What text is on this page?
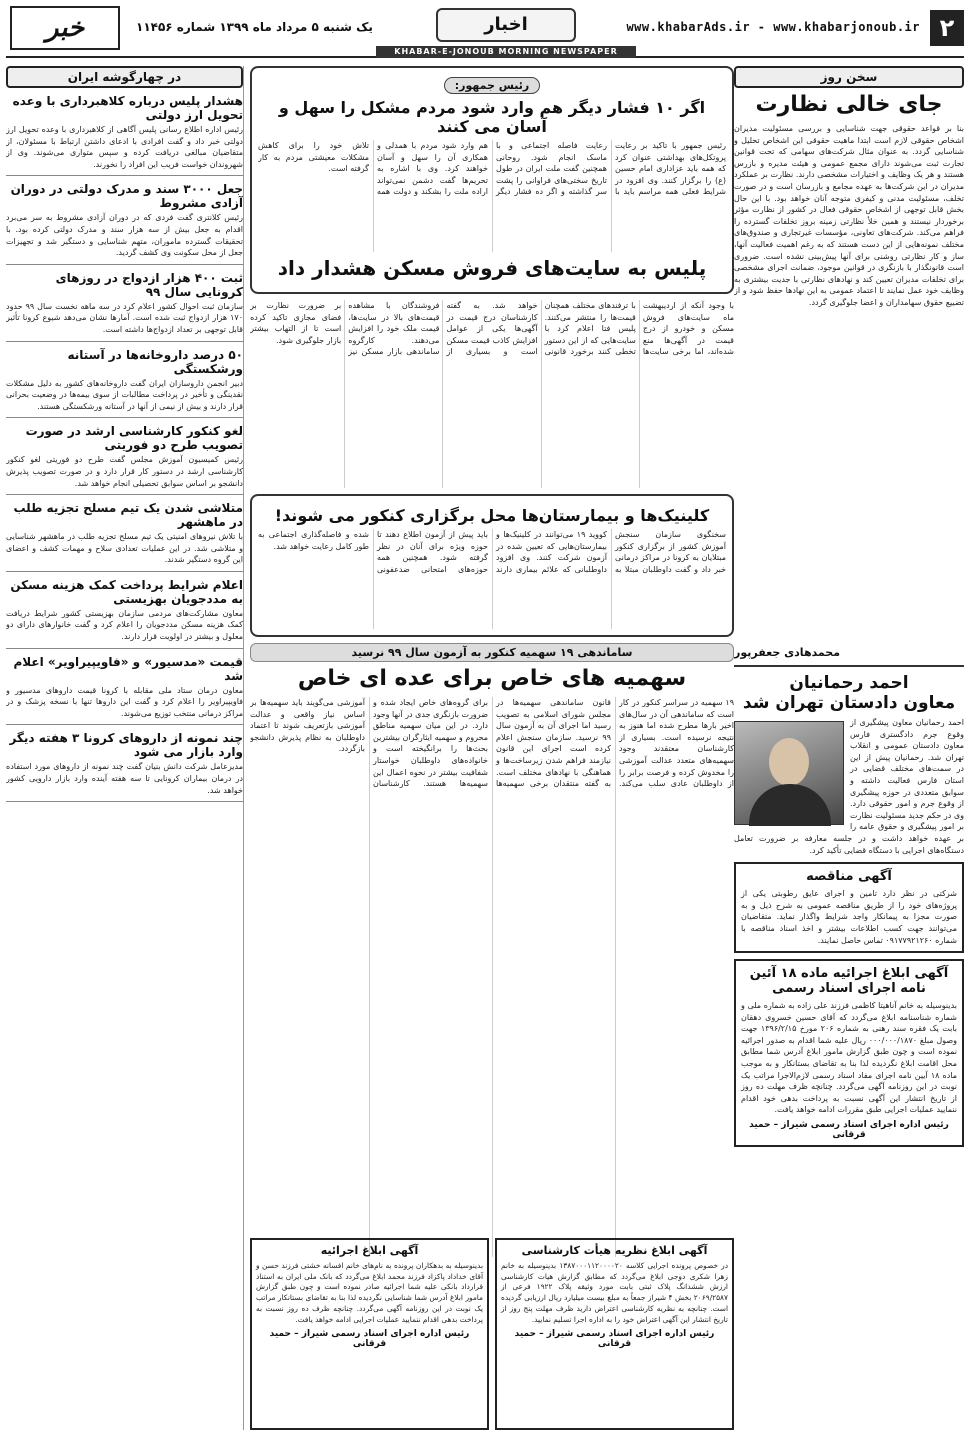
۲
www.khabarAds.ir - www.khabarjonoub.ir
اخبار
یک شنبه ۵ مرداد ماه ۱۳۹۹ شماره ۱۱۴۵۶
خبر
KHABAR-E-JONOUB MORNING NEWSPAPER
سخن روز
جای خالی نظارت
بنا بر قواعد حقوقی جهت شناسایی و بررسی مسئولیت مدیران اشخاص حقوقی لازم است ابتدا ماهیت حقوقی این اشخاص تحلیل و شناسایی گردد. به عنوان مثال شرکت‌های سهامی که تحت قوانین تجارت ثبت می‌شوند دارای مجمع عمومی و هیئت مدیره و بازرس هستند و هر یک وظایف و اختیارات مشخصی دارند. نظارت بر عملکرد مدیران در این شرکت‌ها به عهده مجامع و بازرسان است و در صورت تخلف، مسئولیت مدنی و کیفری متوجه آنان خواهد بود. با این حال بخش قابل توجهی از اشخاص حقوقی فعال در کشور از نظارت مؤثر برخوردار نیستند و همین خلأ نظارتی زمینه بروز تخلفات گسترده را فراهم می‌کند. شرکت‌های تعاونی، مؤسسات غیرتجاری و صندوق‌های مختلف نمونه‌هایی از این دست هستند که به رغم اهمیت فعالیت آنها، ساز و کار نظارتی روشنی برای آنها پیش‌بینی نشده است. ضروری است قانونگذار با بازنگری در قوانین موجود، ضمانت اجرای مشخصی برای تخلفات مدیران تعیین کند و نهادهای نظارتی با جدیت بیشتری به وظایف خود عمل نمایند تا اعتماد عمومی به این نهادها حفظ شود و از تضییع حقوق سهامداران و اعضا جلوگیری گردد.
محمدهادی جعفرپور
احمد رحمانیان
معاون دادستان تهران شد
احمد رحمانیان معاون پیشگیری از وقوع جرم دادگستری فارس معاون دادستان عمومی و انقلاب تهران شد. رحمانیان پیش از این در سمت‌های مختلف قضایی در استان فارس فعالیت داشته و سوابق متعددی در حوزه پیشگیری از وقوع جرم و امور حقوقی دارد. وی در حکم جدید مسئولیت نظارت بر امور پیشگیری و حقوق عامه را بر عهده خواهد داشت و در جلسه معارفه بر ضرورت تعامل دستگاه‌های اجرایی با دستگاه قضایی تأکید کرد.
آگهی مناقصه
شرکتی در نظر دارد تامین و اجرای عایق رطوبتی یکی از پروژه‌های خود را از طریق مناقصه عمومی به شرح ذیل و به صورت مجزا به پیمانکار واجد شرایط واگذار نماید. متقاضیان می‌توانند جهت کسب اطلاعات بیشتر و اخذ اسناد مناقصه با شماره ۰۹۱۷۷۹۲۱۲۶۰ تماس حاصل نمایند.
آگهی ابلاغ اجرائیه ماده ۱۸ آئین نامه اجرای اسناد رسمی
بدینوسیله به خانم آناهیتا کاظمی فرزند علی زاده به شماره ملی و شماره شناسنامه ابلاغ می‌گردد که آقای حسین خسروی دهقان بابت یک فقره سند رهنی به شماره ۲۰۶ مورخ ۱۳۹۶/۲/۱۵ جهت وصول مبلغ ۰۰۰/۰۰۰/۱۸۷۰ ریال علیه شما اقدام به صدور اجرائیه نموده است و چون طبق گزارش مامور ابلاغ آدرس شما مطابق محل اقامت ابلاغ نگردیده لذا بنا به تقاضای بستانکار و به موجب ماده ۱۸ آیین نامه اجرای مفاد اسناد رسمی لازم‌الاجرا مراتب یک نوبت در این روزنامه آگهی می‌گردد. چنانچه ظرف مهلت ده روز از تاریخ انتشار این آگهی نسبت به پرداخت بدهی خود اقدام ننمایید عملیات اجرایی طبق مقررات ادامه خواهد یافت.
رئیس اداره اجرای اسناد رسمی شیراز – حمید قرقانی
رئیس جمهور:
اگر ۱۰ فشار دیگر هم وارد شود مردم مشکل را سهل و آسان می کنند
رئیس جمهور با تاکید بر رعایت پروتکل‌های بهداشتی عنوان کرد که همه باید عزاداری امام حسین (ع) را برگزار کنند. وی افزود در شرایط فعلی همه مراسم باید با رعایت فاصله اجتماعی و با ماسک انجام شود. روحانی همچنین گفت ملت ایران در طول تاریخ سختی‌های فراوانی را پشت سر گذاشته و اگر ده فشار دیگر هم وارد شود مردم با همدلی و همکاری آن را سهل و آسان خواهند کرد. وی با اشاره به تحریم‌ها گفت دشمن نمی‌تواند اراده ملت را بشکند و دولت همه تلاش خود را برای کاهش مشکلات معیشتی مردم به کار گرفته است.
پلیس به سایت‌های فروش مسکن هشدار داد
با وجود آنکه از اردیبهشت ماه سایت‌های فروش مسکن و خودرو از درج قیمت در آگهی‌ها منع شده‌اند، اما برخی سایت‌ها با ترفندهای مختلف همچنان قیمت‌ها را منتشر می‌کنند. پلیس فتا اعلام کرد با سایت‌هایی که از این دستور تخطی کنند برخورد قانونی خواهد شد. به گفته کارشناسان درج قیمت در آگهی‌ها یکی از عوامل افزایش کاذب قیمت مسکن است و بسیاری از فروشندگان با مشاهده قیمت‌های بالا در سایت‌ها، قیمت ملک خود را افزایش می‌دهند. کارگروه ساماندهی بازار مسکن نیز بر ضرورت نظارت بر فضای مجازی تاکید کرده است تا از التهاب بیشتر بازار جلوگیری شود.
کلینیک‌ها و بیمارستان‌ها محل برگزاری کنکور می شوند!
سخنگوی سازمان سنجش آموزش کشور از برگزاری کنکور مبتلایان به کرونا در مراکز درمانی خبر داد و گفت داوطلبان مبتلا به کووید ۱۹ می‌توانند در کلینیک‌ها و بیمارستان‌هایی که تعیین شده در آزمون شرکت کنند. وی افزود داوطلبانی که علائم بیماری دارند باید پیش از آزمون اطلاع دهند تا حوزه ویژه برای آنان در نظر گرفته شود. همچنین همه حوزه‌های امتحانی ضدعفونی شده و فاصله‌گذاری اجتماعی به طور کامل رعایت خواهد شد.
ساماندهی ۱۹ سهمیه کنکور به آزمون سال ۹۹ نرسید
سهمیه های خاص برای عده ای خاص
۱۹ سهمیه در سراسر کنکور در کار است که ساماندهی آن در سال‌های اخیر بارها مطرح شده اما هنوز به نتیجه نرسیده است. بسیاری از کارشناسان معتقدند وجود سهمیه‌های متعدد عدالت آموزشی را مخدوش کرده و فرصت برابر را از داوطلبان عادی سلب می‌کند. قانون ساماندهی سهمیه‌ها در مجلس شورای اسلامی به تصویب رسید اما اجرای آن به آزمون سال ۹۹ نرسید. سازمان سنجش اعلام کرده است اجرای این قانون نیازمند فراهم شدن زیرساخت‌ها و هماهنگی با نهادهای مختلف است. به گفته منتقدان برخی سهمیه‌ها برای گروه‌های خاص ایجاد شده و ضرورت بازنگری جدی در آنها وجود دارد. در این میان سهمیه مناطق محروم و سهمیه ایثارگران بیشترین بحث‌ها را برانگیخته است و خانواده‌های داوطلبان خواستار شفافیت بیشتر در نحوه اعمال این سهمیه‌ها هستند. کارشناسان آموزشی می‌گویند باید سهمیه‌ها بر اساس نیاز واقعی و عدالت آموزشی بازتعریف شوند تا اعتماد داوطلبان به نظام پذیرش دانشجو بازگردد.
آگهی ابلاغ نظریه هیأت کارشناسی
در خصوص پرونده اجرایی کلاسه ۱۳۸۷۰۰۰۱۱۲۰۰۰۰۲۰ بدینوسیله به خانم زهرا شکری دوجی ابلاغ می‌گردد که مطابق گزارش هیات کارشناسی ارزش ششدانگ پلاک ثبتی بابت مورد وثیقه پلاک ۱۹۲۲ فرعی از ۲۰۶۹/۲۵۸۷ بخش ۴ شیراز جمعاً به مبلغ بیست میلیارد ریال ارزیابی گردیده است. چنانچه به نظریه کارشناسی اعتراض دارید ظرف مهلت پنج روز از تاریخ انتشار این آگهی اعتراض خود را به اداره اجرا تسلیم نمایید.
رئیس اداره اجرای اسناد رسمی شیراز – حمید قرقانی
آگهی ابلاغ اجرائیه
بدینوسیله به بدهکاران پرونده به نام‌های خانم افسانه خشتی فرزند حسن و آقای خداداد پاکزاد فرزند محمد ابلاغ می‌گردد که بانک ملی ایران به استناد قرارداد بانکی علیه شما اجرائیه صادر نموده است و چون طبق گزارش مامور ابلاغ آدرس شما شناسایی نگردیده لذا بنا به تقاضای بستانکار مراتب یک نوبت در این روزنامه آگهی می‌گردد. چنانچه ظرف ده روز نسبت به پرداخت بدهی اقدام ننمایید عملیات اجرایی ادامه خواهد یافت.
رئیس اداره اجرای اسناد رسمی شیراز – حمید قرقانی
در چهارگوشه ایران
هشدار پلیس درباره کلاهبرداری با وعده تحویل ارز دولتی
رئیس اداره اطلاع رسانی پلیس آگاهی از کلاهبرداری با وعده تحویل ارز دولتی خبر داد و گفت افرادی با ادعای داشتن ارتباط با مسئولان، از متقاضیان مبالغی دریافت کرده و سپس متواری می‌شوند. وی از شهروندان خواست فریب این افراد را نخورند.
جعل ۳۰۰۰ سند و مدرک دولتی در دوران آزادی مشروط
رئیس کلانتری گفت فردی که در دوران آزادی مشروط به سر می‌برد اقدام به جعل بیش از سه هزار سند و مدرک دولتی کرده بود. با تحقیقات گسترده ماموران، متهم شناسایی و دستگیر شد و تجهیزات جعل از محل سکونت وی کشف گردید.
ثبت ۴۰۰ هزار ازدواج در روزهای کرونایی سال ۹۹
سازمان ثبت احوال کشور اعلام کرد در سه ماهه نخست سال ۹۹ حدود ۱۷۰ هزار ازدواج ثبت شده است. آمارها نشان می‌دهد شیوع کرونا تأثیر قابل توجهی بر تعداد ازدواج‌ها داشته است.
۵۰ درصد داروخانه‌ها در آستانه ورشکستگی
دبیر انجمن داروسازان ایران گفت داروخانه‌های کشور به دلیل مشکلات نقدینگی و تأخیر در پرداخت مطالبات از سوی بیمه‌ها در وضعیت بحرانی قرار دارند و بیش از نیمی از آنها در آستانه ورشکستگی هستند.
لغو کنکور کارشناسی ارشد در صورت تصویب طرح دو فوریتی
رئیس کمیسیون آموزش مجلس گفت طرح دو فوریتی لغو کنکور کارشناسی ارشد در دستور کار قرار دارد و در صورت تصویب پذیرش دانشجو بر اساس سوابق تحصیلی انجام خواهد شد.
متلاشی شدن یک تیم مسلح تجزیه طلب در ماهشهر
با تلاش نیروهای امنیتی یک تیم مسلح تجزیه طلب در ماهشهر شناسایی و متلاشی شد. در این عملیات تعدادی سلاح و مهمات کشف و اعضای این گروه دستگیر شدند.
اعلام شرایط پرداخت کمک هزینه مسکن به مددجویان بهزیستی
معاون مشارکت‌های مردمی سازمان بهزیستی کشور شرایط دریافت کمک هزینه مسکن مددجویان را اعلام کرد و گفت خانوارهای دارای دو معلول و بیشتر در اولویت قرار دارند.
قیمت «مدسیور» و «فاویپیراویر» اعلام شد
معاون درمان ستاد ملی مقابله با کرونا قیمت داروهای مدسیور و فاویپیراویر را اعلام کرد و گفت این داروها تنها با نسخه پزشک و در مراکز درمانی منتخب توزیع می‌شوند.
چند نمونه از داروهای کرونا ۳ هفته دیگر وارد بازار می شود
مدیرعامل شرکت دانش بنیان گفت چند نمونه از داروهای مورد استفاده در درمان بیماران کرونایی تا سه هفته آینده وارد بازار دارویی کشور خواهد شد.
